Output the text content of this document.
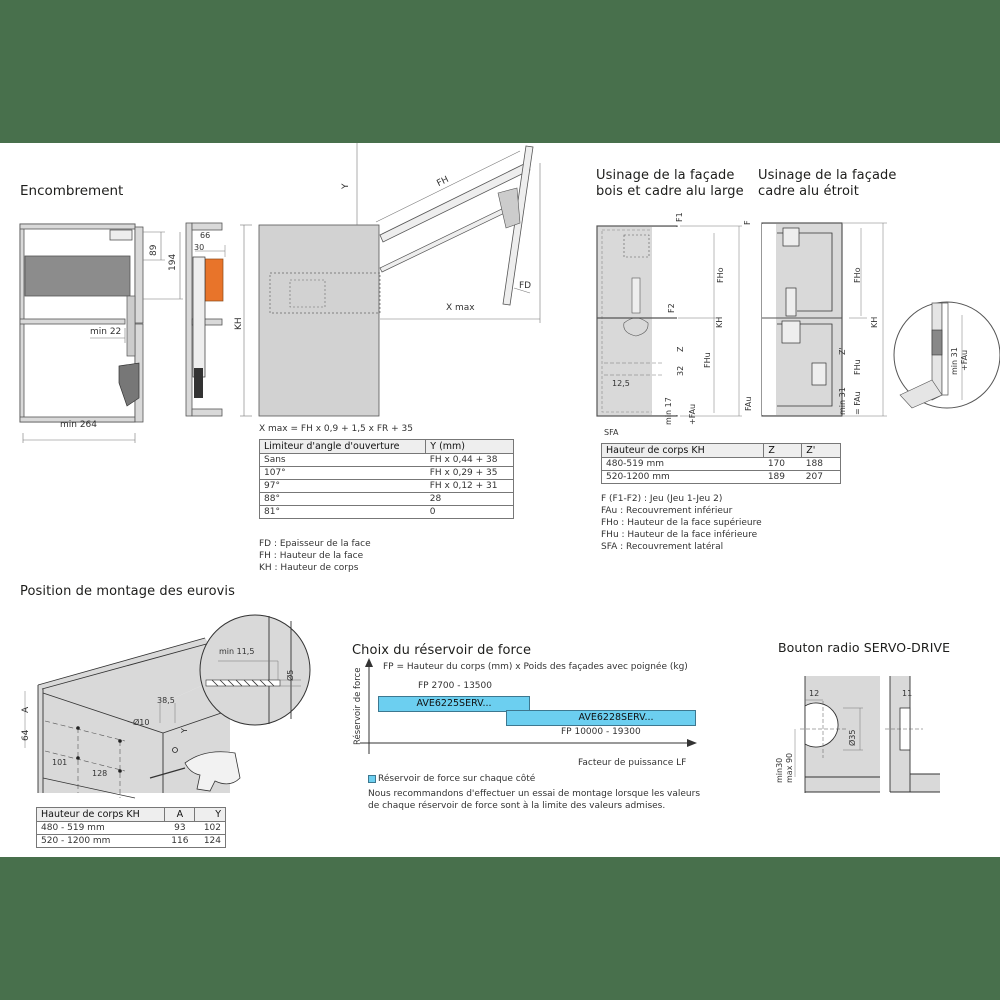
Encombrement
89
194
min 22
min 264
66
30
Y	FH
FD
X max
KH
X max = FH x 0,9 + 1,5 x FR + 35
Limiteur d'angle d'ouverture	Y (mm)
Sans	FH x 0,44 + 38
107°	FH x 0,29 + 35
97°	FH x 0,12 + 31
88°	28
81°	0
FD : Epaisseur de la face
FH : Hauteur de la face
KH : Hauteur de corps
Usinage de la façade
bois et cadre alu large
F1
FHo
F2
KH
Z
FHu
32
12,5
min 17 +FAu
SFA
Usinage de la façade
cadre alu étroit
F
FHo
KH
Z'
FHu
FAu	min 31 = FAu
min 31 +FAu
Hauteur de corps KH	Z	Z'
480-519 mm	170	188
520-1200 mm	189	207
F (F1-F2) : Jeu (Jeu 1-Jeu 2)
FAu : Recouvrement inférieur
FHo : Hauteur de la face supérieure
FHu : Hauteur de la face inférieure
SFA : Recouvrement latéral
Position de montage des eurovis
A
64
101
128
38,5
Ø10
Y
min 11,5
Ø5
Hauteur de corps KH	A	Y
480 - 519 mm	93	102
520 - 1200 mm	116	124
Choix du réservoir de force
FP = Hauteur du corps (mm) x Poids des façades avec poignée (kg)
Réservoir de force	FP 2700 - 13500
AVE6225SERV...
AVE6228SERV...
FP 10000 - 19300
Facteur de puissance LF
Réservoir de force sur chaque côté
Nous recommandons d'effectuer un essai de montage lorsque les valeurs
de chaque réservoir de force sont à la limite des valeurs admises.
Bouton radio SERVO-DRIVE
12
Ø35
min30 max 90
11
